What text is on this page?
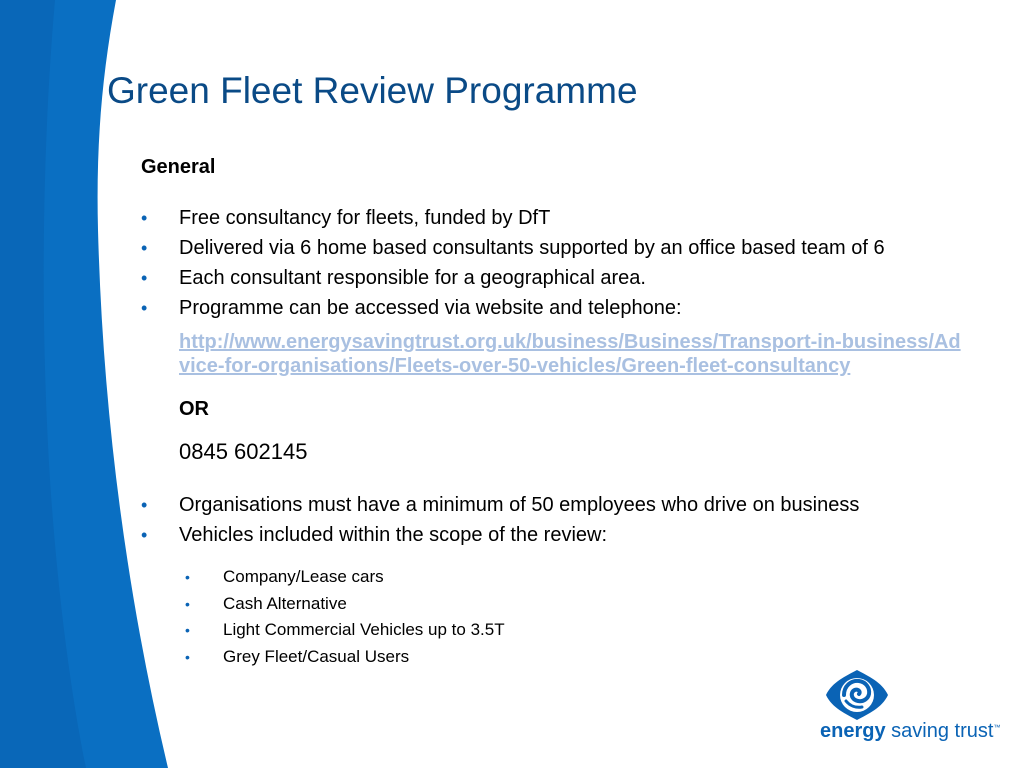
Green Fleet Review Programme
General
• Free consultancy for fleets, funded by DfT
• Delivered via 6 home based consultants supported by an office based team of 6
• Each consultant responsible for a geographical area.
• Programme can be accessed via website and telephone:
http://www.energysavingtrust.org.uk/business/Business/Transport-in-business/Advice-for-organisations/Fleets-over-50-vehicles/Green-fleet-consultancy
OR
0845 602145
• Organisations must have a minimum of 50 employees who drive on business
• Vehicles included within the scope of the review:
• Company/Lease cars
• Cash Alternative
• Light Commercial Vehicles up to 3.5T
• Grey Fleet/Casual Users
energy saving trust™
